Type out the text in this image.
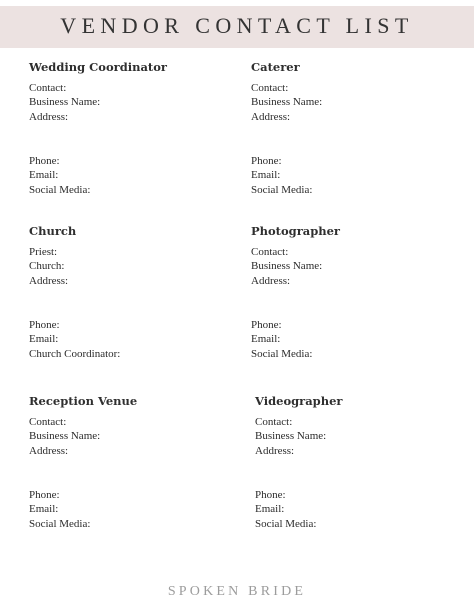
VENDOR CONTACT LIST
Wedding Coordinator
Contact:
Business Name:
Address:
Phone:
Email:
Social Media:
Caterer
Contact:
Business Name:
Address:
Phone:
Email:
Social Media:
Church
Priest:
Church:
Address:
Phone:
Email:
Church Coordinator:
Photographer
Contact:
Business Name:
Address:
Phone:
Email:
Social Media:
Reception Venue
Contact:
Business Name:
Address:
Phone:
Email:
Social Media:
Videographer
Contact:
Business Name:
Address:
Phone:
Email:
Social Media:
SPOKEN BRIDE
